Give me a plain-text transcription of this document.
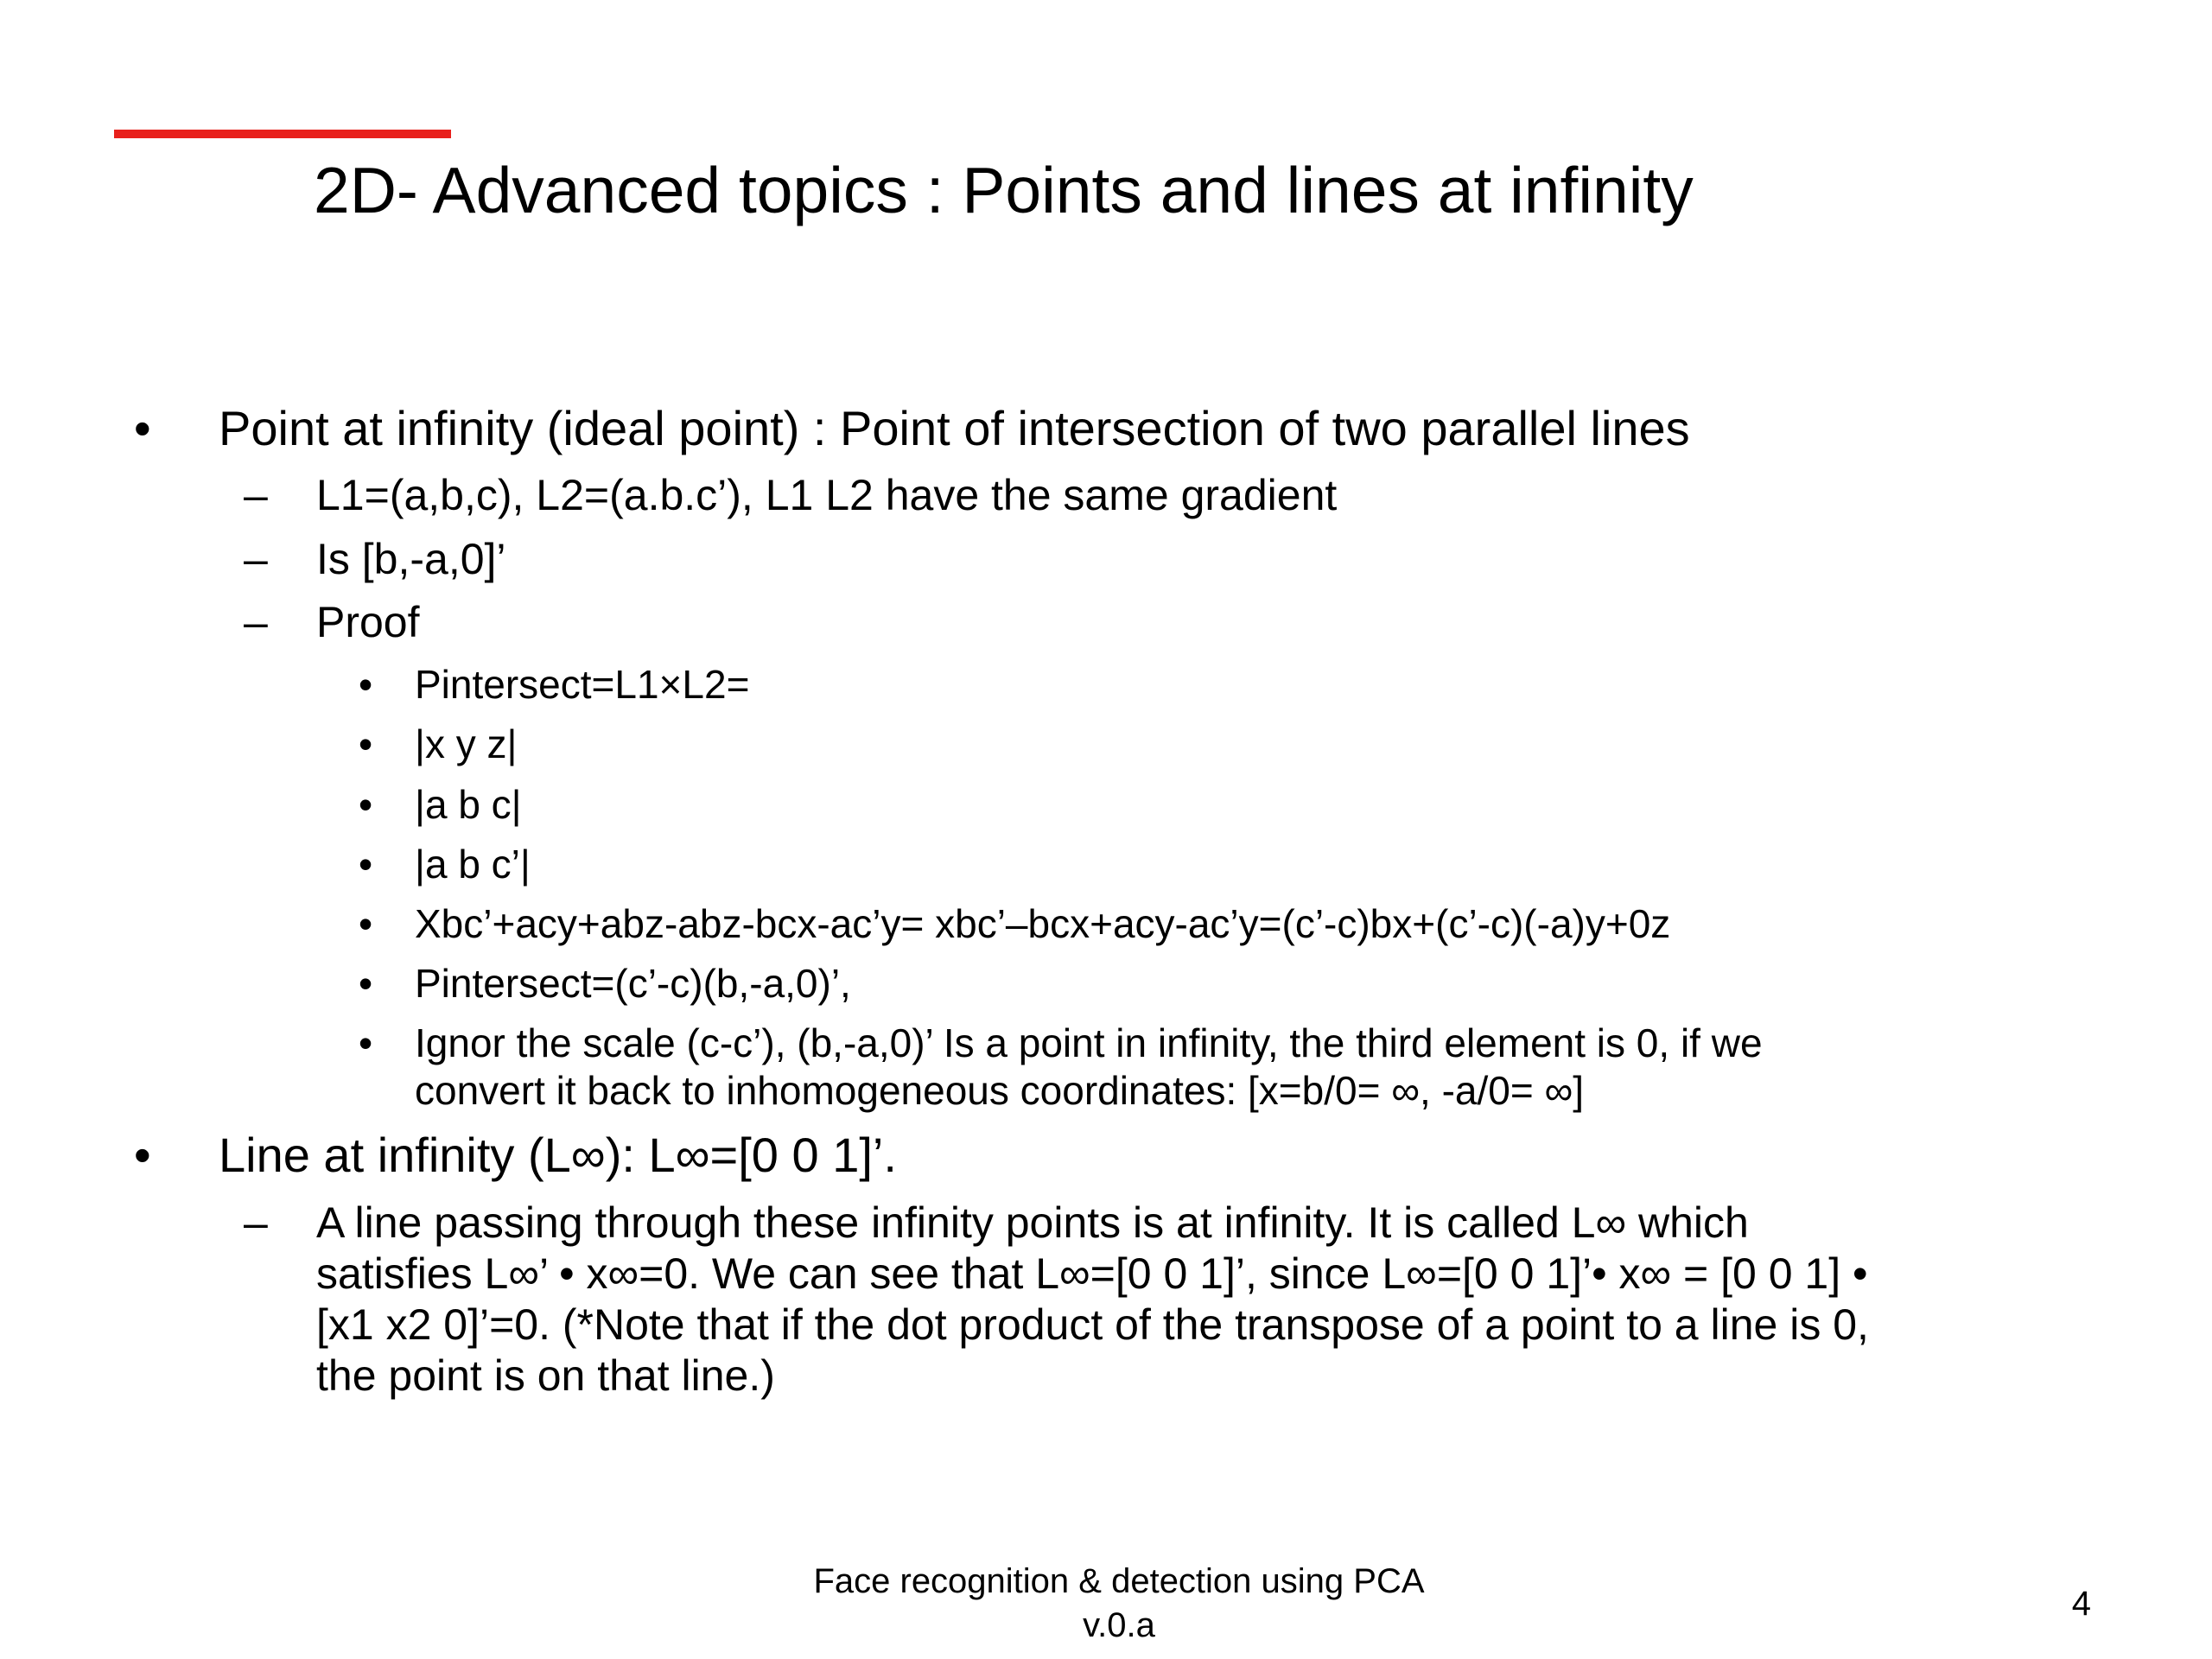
2D- Advanced topics : Points and lines at infinity
• Point at infinity (ideal point) : Point of intersection of two parallel lines
– L1=(a,b,c), L2=(a.b.c’), L1 L2 have the same gradient
– Is [b,-a,0]’
– Proof
• Pintersect=L1×L2=
• |x y z|
• |a b c|
• |a b c’|
• Xbc’+acy+abz-abz-bcx-ac’y= xbc’–bcx+acy-ac’y=(c’-c)bx+(c’-c)(-a)y+0z
• Pintersect=(c’-c)(b,-a,0)’,
• Ignor the scale (c-c’), (b,-a,0)’ Is a point in infinity, the third element is 0, if we
convert it back to inhomogeneous coordinates: [x=b/0= ∞, -a/0= ∞]
• Line at infinity (L∞): L∞=[0 0 1]’.
– A line passing through these infinity points is at infinity. It is called L∞ which
satisfies L∞’ • x∞=0. We can see that L∞=[0 0 1]’, since L∞=[0 0 1]’• x∞ = [0 0 1] •
[x1 x2 0]’=0. (*Note that if the dot product of the transpose of a point to a line is 0,
the point is on that line.)
Face recognition & detection using PCA
v.0.a
4
